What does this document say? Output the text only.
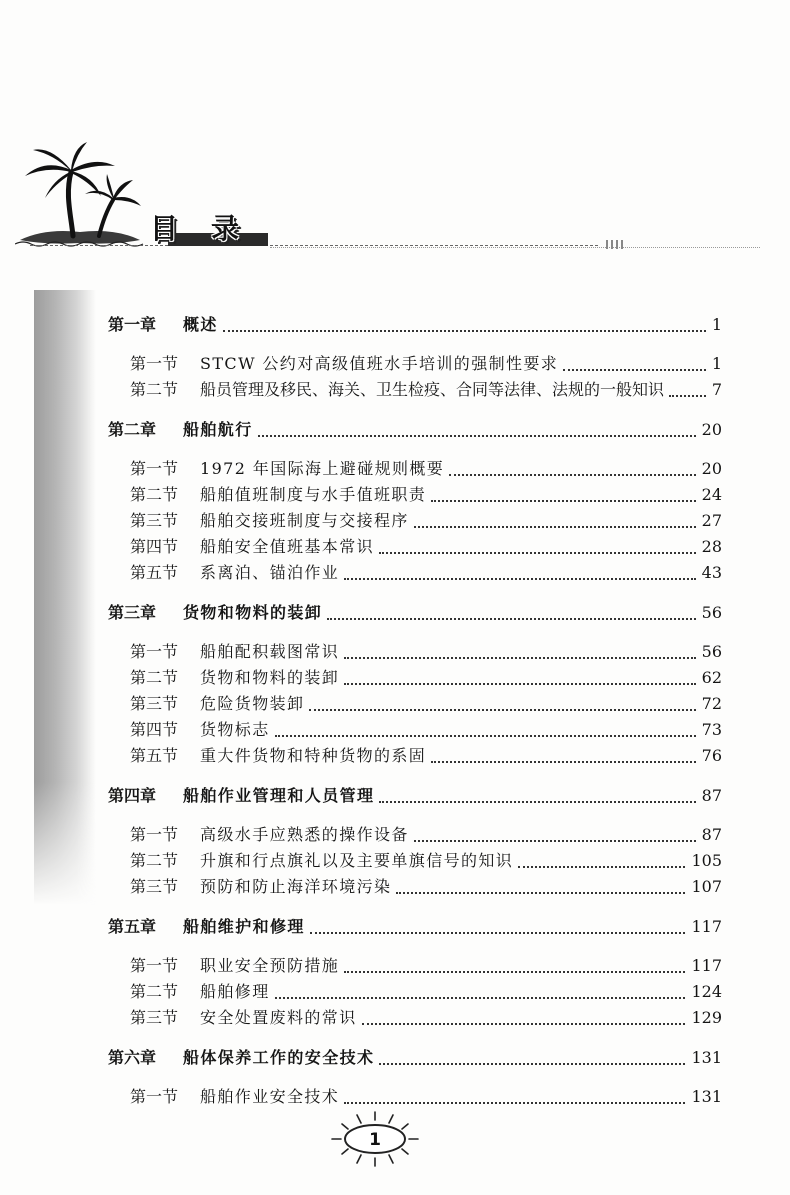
目录
第一章	概述	1
第一节	STCW 公约对高级值班水手培训的强制性要求	1
第二节	船员管理及移民、海关、卫生检疫、合同等法律、法规的一般知识	7
第二章	船舶航行	20
第一节	1972 年国际海上避碰规则概要	20
第二节	船舶值班制度与水手值班职责	24
第三节	船舶交接班制度与交接程序	27
第四节	船舶安全值班基本常识	28
第五节	系离泊、锚泊作业	43
第三章	货物和物料的装卸	56
第一节	船舶配积载图常识	56
第二节	货物和物料的装卸	62
第三节	危险货物装卸	72
第四节	货物标志	73
第五节	重大件货物和特种货物的系固	76
第四章	船舶作业管理和人员管理	87
第一节	高级水手应熟悉的操作设备	87
第二节	升旗和行点旗礼以及主要单旗信号的知识	105
第三节	预防和防止海洋环境污染	107
第五章	船舶维护和修理	117
第一节	职业安全预防措施	117
第二节	船舶修理	124
第三节	安全处置废料的常识	129
第六章	船体保养工作的安全技术	131
第一节	船舶作业安全技术	131
1
